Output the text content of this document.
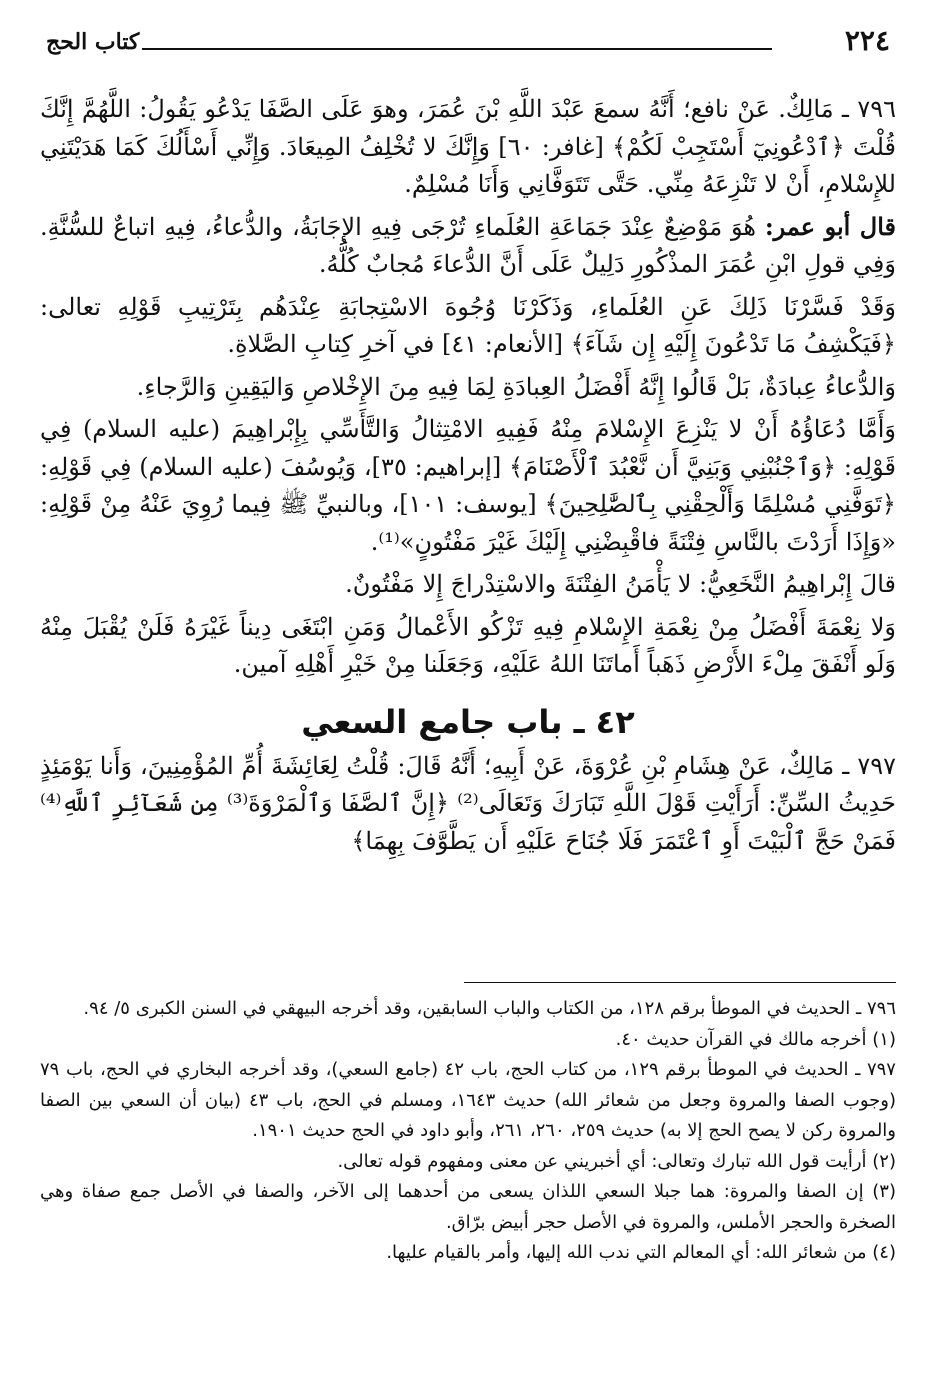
٢٢٤
كتاب الحج

٧٩٦ ـ مَالِكٌ. عَنْ نافع؛ أَنَّهُ سمعَ عَبْدَ اللَّهِ بْنَ عُمَرَ، وهوَ عَلَى الصَّفَا يَدْعُو يَقُولُ: اللَّهُمَّ إِنَّكَ قُلْتَ ﴿ٱدْعُونِيٓ أَسْتَجِبْ لَكُمْ﴾ [غافر: ٦٠] وَإِنَّكَ لا تُخْلِفُ المِيعَادَ. وَإِنِّي أَسْأَلُكَ كَمَا هَدَيْتَنِي للإِسْلامِ، أَنْ لا تَنْزِعَهُ مِنِّي. حَتَّى تَتَوَفَّانِي وَأَنَا مُسْلِمٌ.

قال أبو عمر: هُوَ مَوْضِعٌ عِنْدَ جَمَاعَةِ العُلَماءِ تُرْجَى فِيهِ الإِجَابَةُ، والدُّعاءُ، فِيهِ اتباعٌ للسُّنَّةِ. وَفِي قولِ ابْنِ عُمَرَ المذْكُورِ دَلِيلٌ عَلَى أَنَّ الدُّعاءَ مُجابٌ كُلُّهُ.

وَقَدْ فَسَّرْنَا ذَلِكَ عَنِ العُلَماءِ، وَذَكَرْنَا وُجُوهَ الاسْتِجابَةِ عِنْدَهُم بِتَرْتِيبِ قَوْلِهِ تعالى: ﴿فَيَكْشِفُ مَا تَدْعُونَ إِلَيْهِ إِن شَآءَ﴾ [الأنعام: ٤١] في آخرِ كِتابِ الصَّلاةِ.

وَالدُّعاءُ عِبادَةٌ، بَلْ قَالُوا إِنَّهُ أَفْضَلُ العِبادَةِ لِمَا فِيهِ مِنَ الإِخْلاصِ وَاليَقِينِ وَالرَّجاءِ.

وَأَمَّا دُعَاؤُهُ أَنْ لا يَنْزِعَ الإِسْلامَ مِنْهُ فَفِيهِ الامْتِثالُ وَالتَّأَسِّي بِإِبْراهِيمَ (عليه السلام) فِي قَوْلِهِ: ﴿وَٱجْنُبْنِي وَبَنِيَّ أَن نَّعْبُدَ ٱلْأَصْنَامَ﴾ [إبراهيم: ٣٥]، وَيُوسُفَ (عليه السلام) فِي قَوْلِهِ: ﴿تَوَفَّنِي مُسْلِمًا وَأَلْحِقْنِي بِٱلصَّٰلِحِينَ﴾ [يوسف: ١٠١]، وبالنبيِّ ﷺ فِيما رُوِيَ عَنْهُ مِنْ قَوْلِهِ: «وَإِذَا أَرَدْتَ بالنَّاسِ فِتْنَةً فاقْبِضْنِي إِلَيْكَ غَيْرَ مَفْتُونٍ»⁽¹⁾.

قالَ إِبْراهِيمُ النَّخَعِيُّ: لا يَأْمَنُ الفِتْنَةَ والاسْتِدْراجَ إِلا مَفْتُونٌ.

وَلا نِعْمَةَ أَفْضَلُ مِنْ نِعْمَةِ الإِسْلامِ فِيهِ تَزْكُو الأَعْمالُ وَمَنِ ابْتَغَى دِيناً غَيْرَهُ فَلَنْ يُقْبَلَ مِنْهُ وَلَو أَنْفَقَ مِلْءَ الأَرْضِ ذَهَباً أَماتَنَا اللهُ عَلَيْهِ، وَجَعَلَنا مِنْ خَيْرِ أَهْلِهِ آمين.

٤٢ ـ باب جامع السعي

٧٩٧ ـ مَالِكٌ، عَنْ هِشَامِ بْنِ عُرْوَةَ، عَنْ أَبِيهِ؛ أَنَّهُ قَالَ: قُلْتُ لِعَائِشَةَ أُمِّ المُؤْمِنِينَ، وَأَنا يَوْمَئِذٍ حَدِيثُ السِّنِّ: أَرَأَيْتِ قَوْلَ اللَّهِ تَبَارَكَ وَتَعَالَى⁽²⁾ ﴿إِنَّ ٱلصَّفَا وَٱلْمَرْوَةَ⁽³⁾ مِن شَعَآئِرِ ٱللَّهِ⁽⁴⁾ فَمَنْ حَجَّ ٱلْبَيْتَ أَوِ ٱعْتَمَرَ فَلَا جُنَاحَ عَلَيْهِ أَن يَطَّوَّفَ بِهِمَا﴾

٧٩٦ ـ الحديث في الموطأ برقم ١٢٨، من الكتاب والباب السابقين، وقد أخرجه البيهقي في السنن الكبرى ٥/ ٩٤.

(١) أخرجه مالك في القرآن حديث ٤٠.

٧٩٧ ـ الحديث في الموطأ برقم ١٢٩، من كتاب الحج، باب ٤٢ (جامع السعي)، وقد أخرجه البخاري في الحج، باب ٧٩ (وجوب الصفا والمروة وجعل من شعائر الله) حديث ١٦٤٣، ومسلم في الحج، باب ٤٣ (بيان أن السعي بين الصفا والمروة ركن لا يصح الحج إلا به) حديث ٢٥٩، ٢٦٠، ٢٦١، وأبو داود في الحج حديث ١٩٠١.

(٢) أرأيت قول الله تبارك وتعالى: أي أخبريني عن معنى ومفهوم قوله تعالى.

(٣) إن الصفا والمروة: هما جبلا السعي اللذان يسعى من أحدهما إلى الآخر، والصفا في الأصل جمع صفاة وهي الصخرة والحجر الأملس، والمروة في الأصل حجر أبيض برّاق.

(٤) من شعائر الله: أي المعالم التي ندب الله إليها، وأمر بالقيام عليها.
